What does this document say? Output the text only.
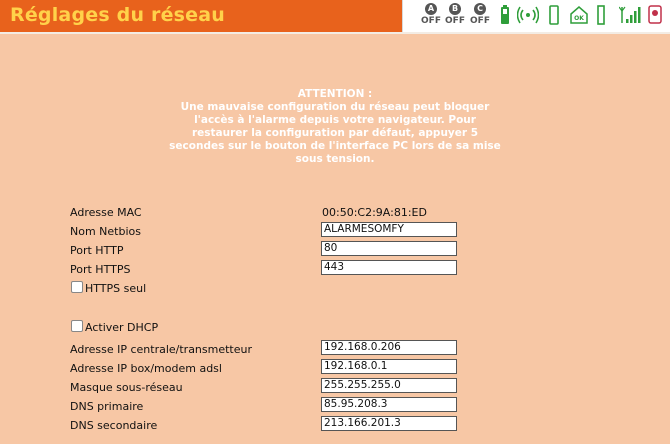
Réglages du réseau	A
OFF
B
OFF
C
OFF	OK
ATTENTION :
Une mauvaise configuration du réseau peut bloquer l'accès à l'alarme depuis votre navigateur. Pour restaurer la configuration par défaut, appuyer 5 secondes sur le bouton de l'interface PC lors de sa mise sous tension.
Adresse MAC	00:50:C2:9A:81:ED
Nom Netbios	ALARMESOMFY
Port HTTP	80
Port HTTPS	443
HTTPS seul
Activer DHCP
Adresse IP centrale/transmetteur	192.168.0.206
Adresse IP box/modem adsl	192.168.0.1
Masque sous-réseau	255.255.255.0
DNS primaire	85.95.208.3
DNS secondaire	213.166.201.3
